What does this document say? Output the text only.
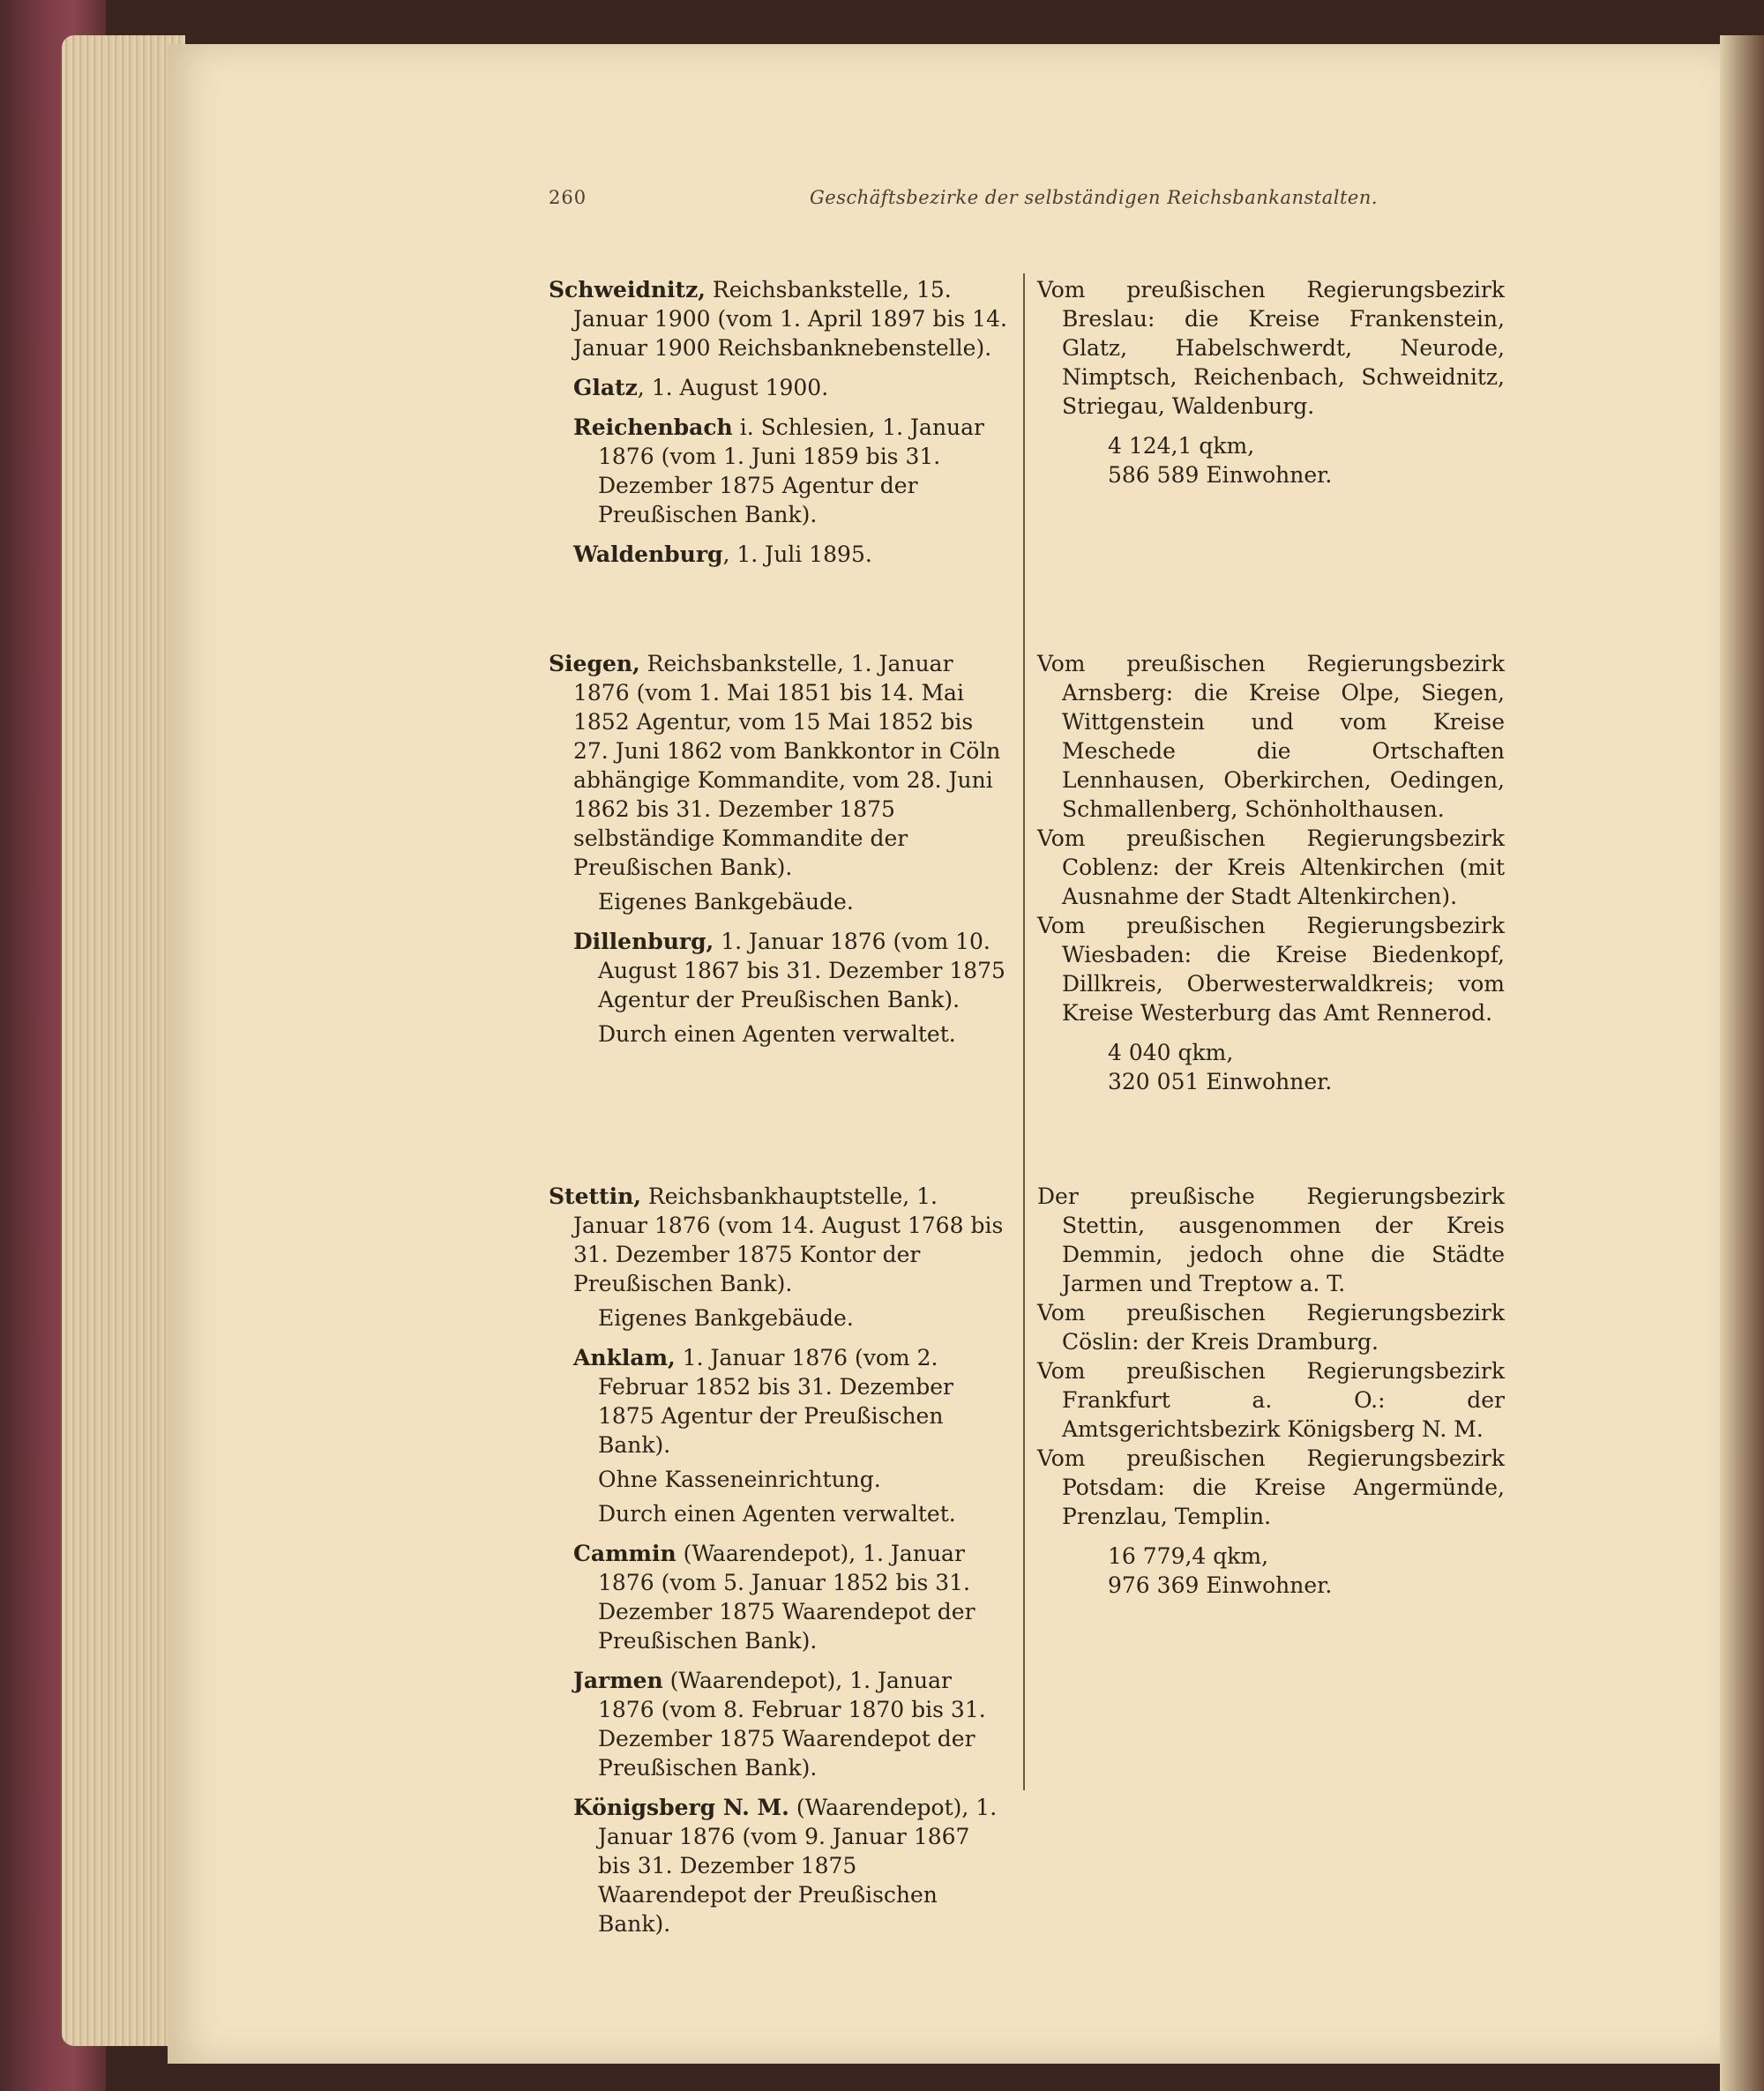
260	Geschäftsbezirke der selbständigen Reichsbankanstalten.

Schweidnitz, Reichsbankstelle, 15. Januar 1900 (vom 1. April 1897 bis 14. Januar 1900 Reichsbanknebenstelle).

Glatz, 1. August 1900.

Reichenbach i. Schlesien, 1. Januar 1876 (vom 1. Juni 1859 bis 31. Dezember 1875 Agentur der Preußischen Bank).

Waldenburg, 1. Juli 1895.

Vom preußischen Regierungsbezirk Breslau: die Kreise Frankenstein, Glatz, Habelschwerdt, Neurode, Nimptsch, Reichenbach, Schweidnitz, Striegau, Waldenburg.

4 124,1 qkm,

586 589 Einwohner.

Siegen, Reichsbankstelle, 1. Januar 1876 (vom 1. Mai 1851 bis 14. Mai 1852 Agentur, vom 15 Mai 1852 bis 27. Juni 1862 vom Bankkontor in Cöln abhängige Kommandite, vom 28. Juni 1862 bis 31. Dezember 1875 selbständige Kommandite der Preußischen Bank).

Eigenes Bankgebäude.

Dillenburg, 1. Januar 1876 (vom 10. August 1867 bis 31. Dezember 1875 Agentur der Preußischen Bank).

Durch einen Agenten verwaltet.

Vom preußischen Regierungsbezirk Arnsberg: die Kreise Olpe, Siegen, Wittgenstein und vom Kreise Meschede die Ortschaften Lennhausen, Oberkirchen, Oedingen, Schmallenberg, Schönholthausen.

Vom preußischen Regierungsbezirk Coblenz: der Kreis Altenkirchen (mit Ausnahme der Stadt Altenkirchen).

Vom preußischen Regierungsbezirk Wiesbaden: die Kreise Biedenkopf, Dillkreis, Oberwesterwaldkreis; vom Kreise Westerburg das Amt Rennerod.

4 040 qkm,

320 051 Einwohner.

Stettin, Reichsbankhauptstelle, 1. Januar 1876 (vom 14. August 1768 bis 31. Dezember 1875 Kontor der Preußischen Bank).

Eigenes Bankgebäude.

Anklam, 1. Januar 1876 (vom 2. Februar 1852 bis 31. Dezember 1875 Agentur der Preußischen Bank).

Ohne Kasseneinrichtung.

Durch einen Agenten verwaltet.

Cammin (Waarendepot), 1. Januar 1876 (vom 5. Januar 1852 bis 31. Dezember 1875 Waarendepot der Preußischen Bank).

Jarmen (Waarendepot), 1. Januar 1876 (vom 8. Februar 1870 bis 31. Dezember 1875 Waarendepot der Preußischen Bank).

Königsberg N. M. (Waarendepot), 1. Januar 1876 (vom 9. Januar 1867 bis 31. Dezember 1875 Waarendepot der Preußischen Bank).

Der preußische Regierungsbezirk Stettin, ausgenommen der Kreis Demmin, jedoch ohne die Städte Jarmen und Treptow a. T.

Vom preußischen Regierungsbezirk Cöslin: der Kreis Dramburg.

Vom preußischen Regierungsbezirk Frankfurt a. O.: der Amtsgerichtsbezirk Königsberg N. M.

Vom preußischen Regierungsbezirk Potsdam: die Kreise Angermünde, Prenzlau, Templin.

16 779,4 qkm,

976 369 Einwohner.
